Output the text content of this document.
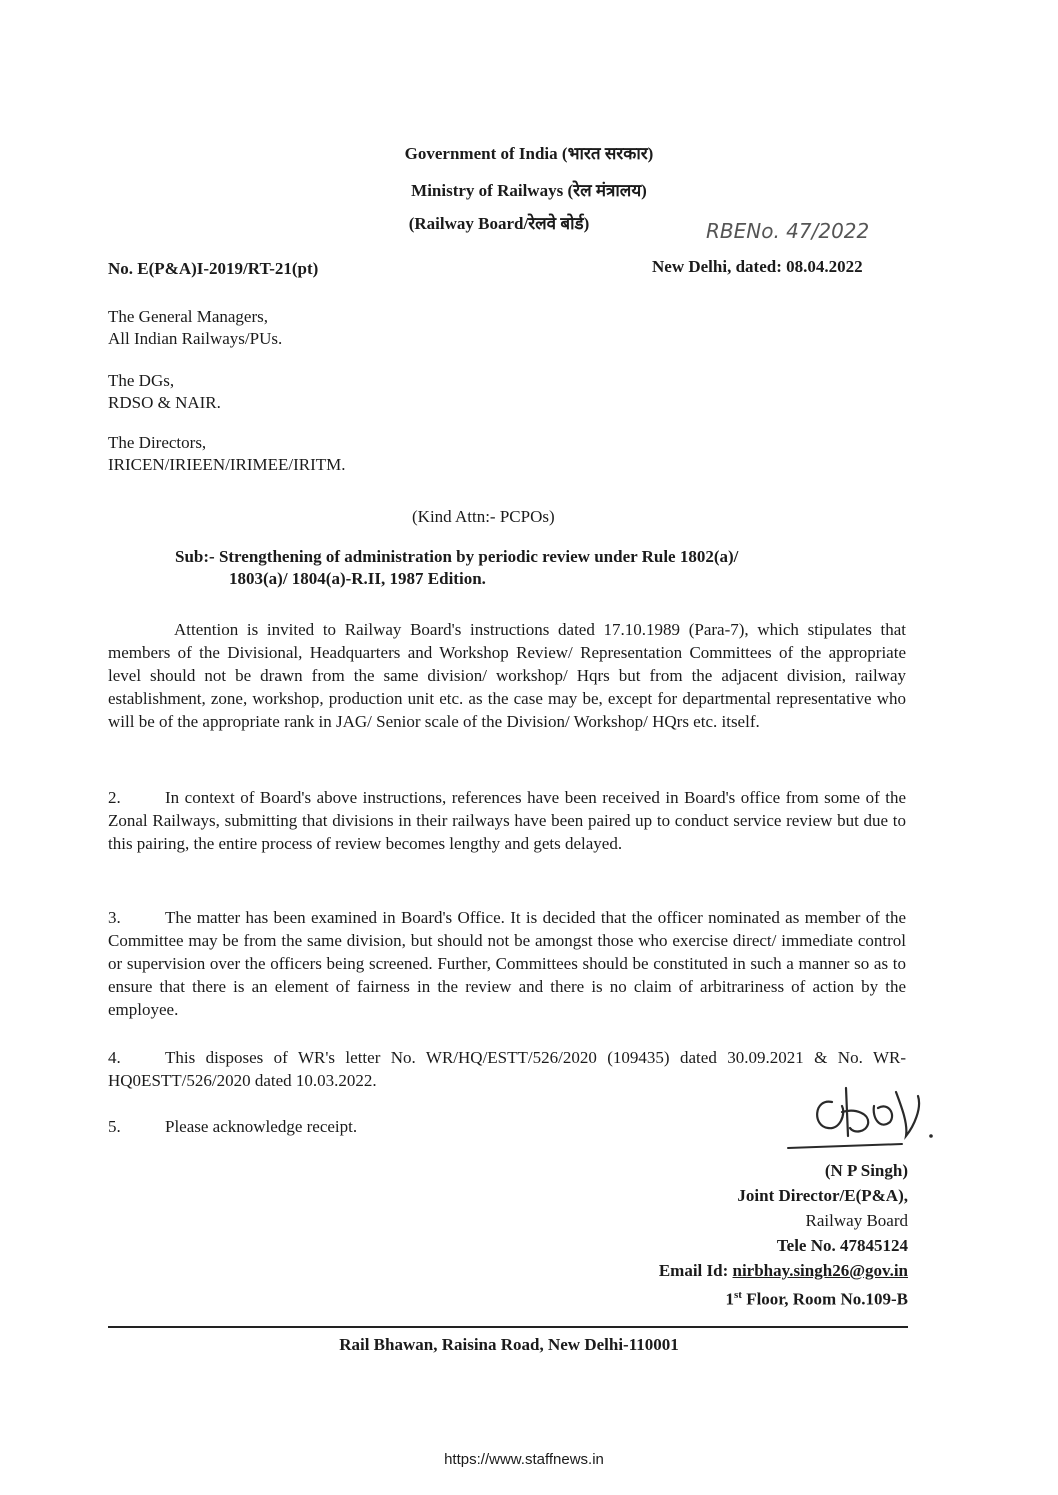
Government of India (भारत सरकार)
Ministry of Railways (रेल मंत्रालय)
(Railway Board/रेलवे बोर्ड)	RBENo. 47/2022
No. E(P&A)I-2019/RT-21(pt)	New Delhi, dated: 08.04.2022
The General Managers,
All Indian Railways/PUs.
The DGs,
RDSO & NAIR.
The Directors,
IRICEN/IRIEEN/IRIMEE/IRITM.
(Kind Attn:- PCPOs)
Sub:- Strengthening of administration by periodic review under Rule 1802(a)/
1803(a)/ 1804(a)-R.II, 1987 Edition.
Attention is invited to Railway Board's instructions dated 17.10.1989 (Para-7), which stipulates that members of the Divisional, Headquarters and Workshop Review/ Representation Committees of the appropriate level should not be drawn from the same division/ workshop/ Hqrs but from the adjacent division, railway establishment, zone, workshop, production unit etc. as the case may be, except for departmental representative who will be of the appropriate rank in JAG/ Senior scale of the Division/ Workshop/ HQrs etc. itself.
2.	In context of Board's above instructions, references have been received in Board's office from some of the Zonal Railways, submitting that divisions in their railways have been paired up to conduct service review but due to this pairing, the entire process of review becomes lengthy and gets delayed.
3.	The matter has been examined in Board's Office. It is decided that the officer nominated as member of the Committee may be from the same division, but should not be amongst those who exercise direct/ immediate control or supervision over the officers being screened. Further, Committees should be constituted in such a manner so as to ensure that there is an element of fairness in the review and there is no claim of arbitrariness of action by the employee.
4.	This disposes of WR's letter No. WR/HQ/ESTT/526/2020 (109435) dated 30.09.2021 & No. WR-HQ0ESTT/526/2020 dated 10.03.2022.
5.	Please acknowledge receipt.
(N P Singh)
Joint Director/E(P&A),
Railway Board
Tele No. 47845124
Email Id: nirbhay.singh26@gov.in
1st Floor, Room No.109-B
Rail Bhawan, Raisina Road, New Delhi-110001
https://www.staffnews.in
